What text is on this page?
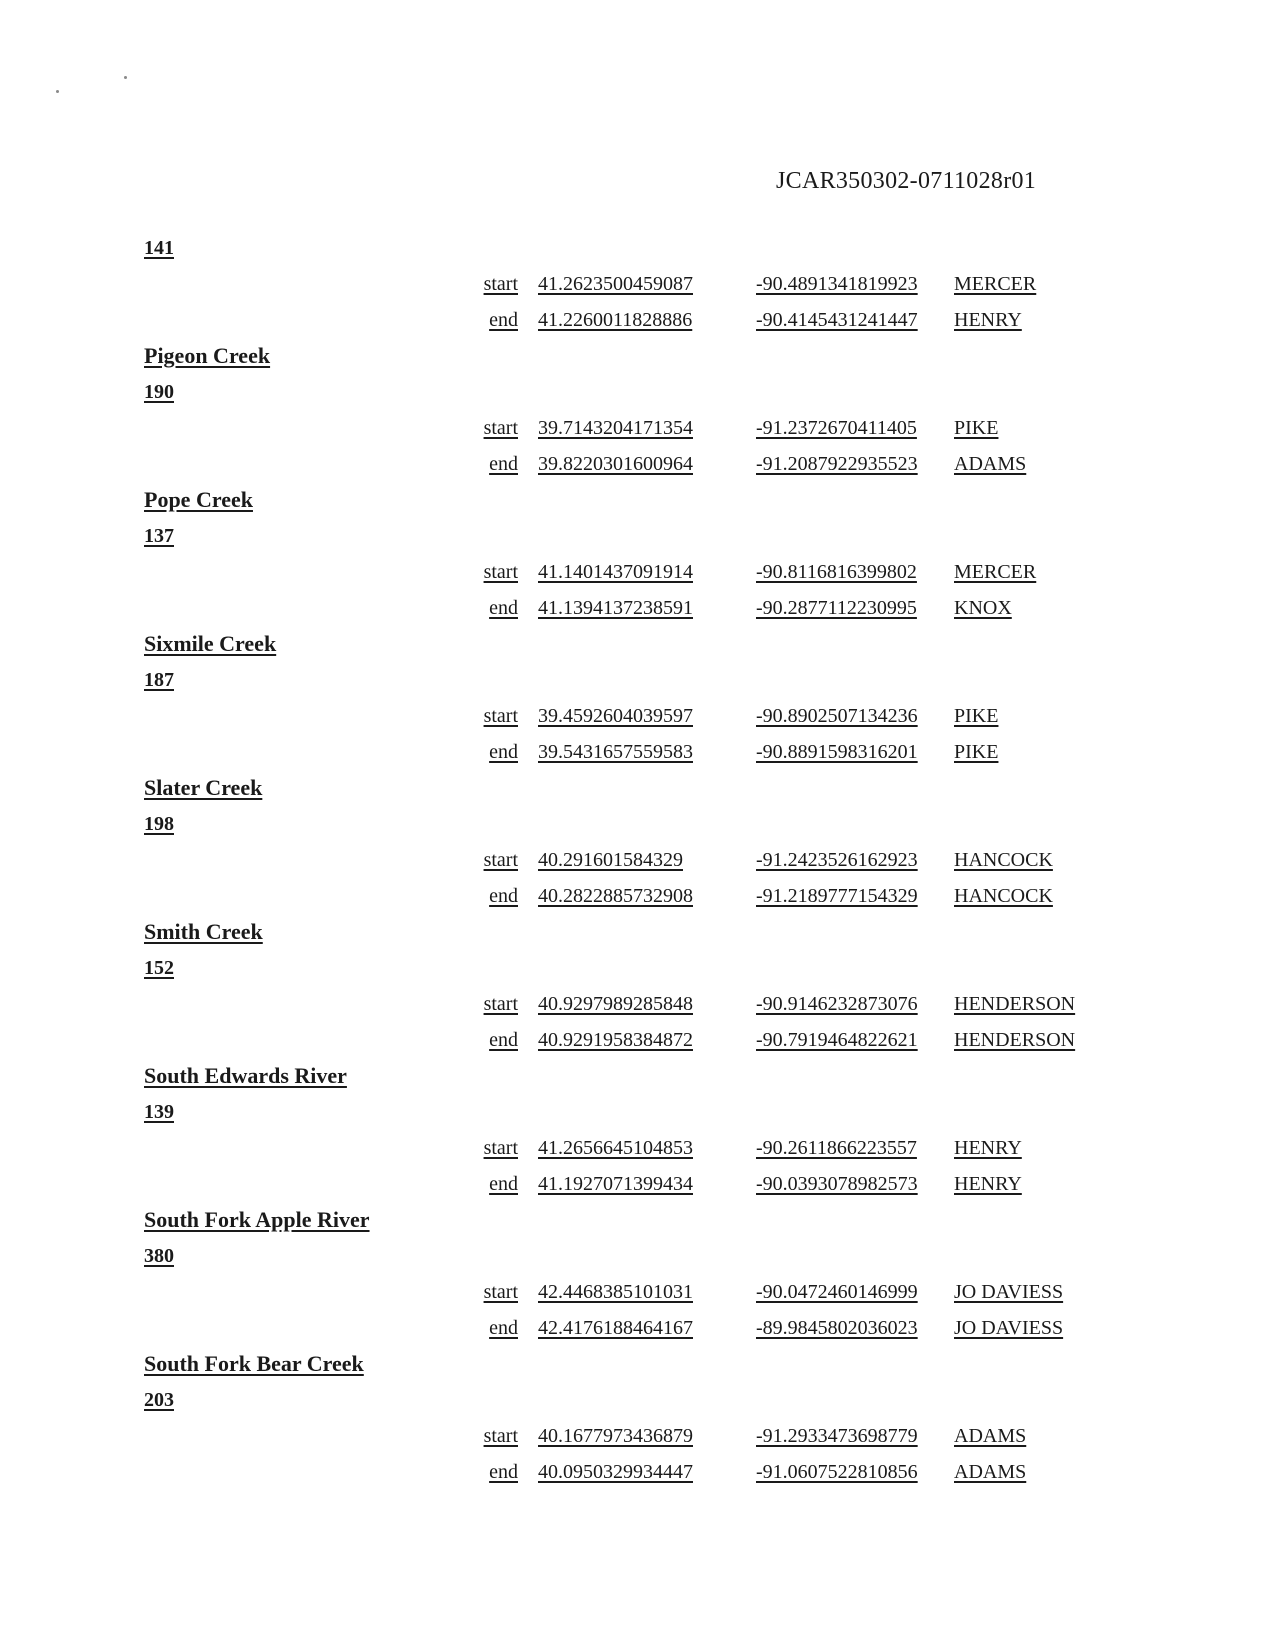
JCAR350302-0711028r01
141
start 41.2623500459087	-90.4891341819923 MERCER
end 41.2260011828886	-90.4145431241447 HENRY
Pigeon Creek
190
start 39.7143204171354	-91.2372670411405 PIKE
end 39.8220301600964	-91.2087922935523 ADAMS
Pope Creek
137
start 41.1401437091914	-90.8116816399802 MERCER
end 41.1394137238591	-90.2877112230995 KNOX
Sixmile Creek
187
start 39.4592604039597	-90.8902507134236 PIKE
end 39.5431657559583	-90.8891598316201 PIKE
Slater Creek
198
start 40.291601584329	-91.2423526162923 HANCOCK
end 40.2822885732908	-91.2189777154329 HANCOCK
Smith Creek
152
start 40.9297989285848	-90.9146232873076 HENDERSON
end 40.9291958384872	-90.7919464822621 HENDERSON
South Edwards River
139
start 41.2656645104853	-90.2611866223557 HENRY
end 41.1927071399434	-90.0393078982573 HENRY
South Fork Apple River
380
start 42.4468385101031	-90.0472460146999 JO DAVIESS
end 42.4176188464167	-89.9845802036023 JO DAVIESS
South Fork Bear Creek
203
start 40.1677973436879	-91.2933473698779 ADAMS
end 40.0950329934447	-91.0607522810856 ADAMS
